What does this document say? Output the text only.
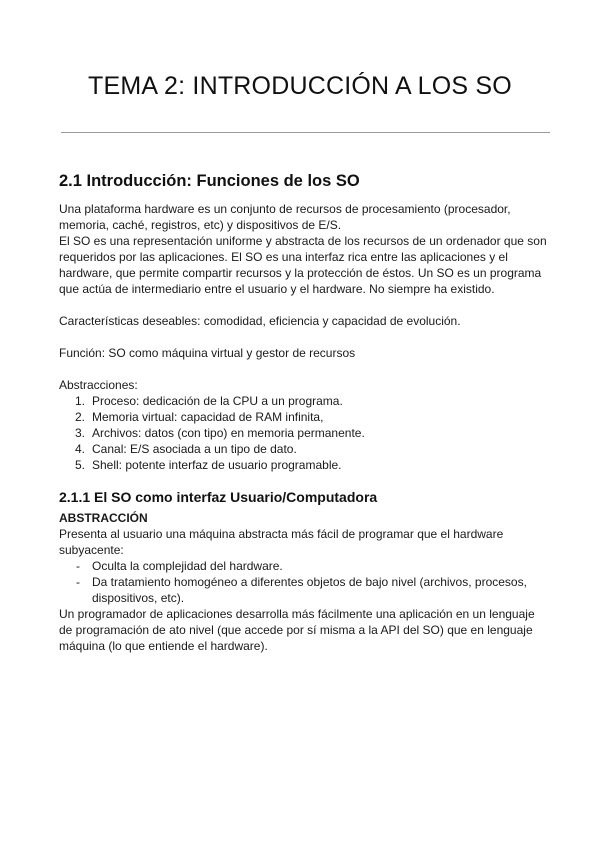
TEMA 2: INTRODUCCIÓN A LOS SO
2.1 Introducción: Funciones de los SO

Una plataforma hardware es un conjunto de recursos de procesamiento (procesador, memoria, caché, registros, etc) y dispositivos de E/S.

El SO es una representación uniforme y abstracta de los recursos de un ordenador que son requeridos por las aplicaciones. El SO es una interfaz rica entre las aplicaciones y el hardware, que permite compartir recursos y la protección de éstos. Un SO es un programa que actúa de intermediario entre el usuario y el hardware. No siempre ha existido.

Características deseables: comodidad, eficiencia y capacidad de evolución.

Función: SO como máquina virtual y gestor de recursos

Abstracciones:

1. Proceso: dedicación de la CPU a un programa.
2. Memoria virtual: capacidad de RAM infinita,
3. Archivos: datos (con tipo) en memoria permanente.
4. Canal: E/S asociada a un tipo de dato.
5. Shell: potente interfaz de usuario programable.
2.1.1 El SO como interfaz Usuario/Computadora

ABSTRACCIÓN

Presenta al usuario una máquina abstracta más fácil de programar que el hardware subyacente:

- Oculta la complejidad del hardware.
- Da tratamiento homogéneo a diferentes objetos de bajo nivel (archivos, procesos, dispositivos, etc).

Un programador de aplicaciones desarrolla más fácilmente una aplicación en un lenguaje de programación de ato nivel (que accede por sí misma a la API del SO) que en lenguaje máquina (lo que entiende el hardware).
